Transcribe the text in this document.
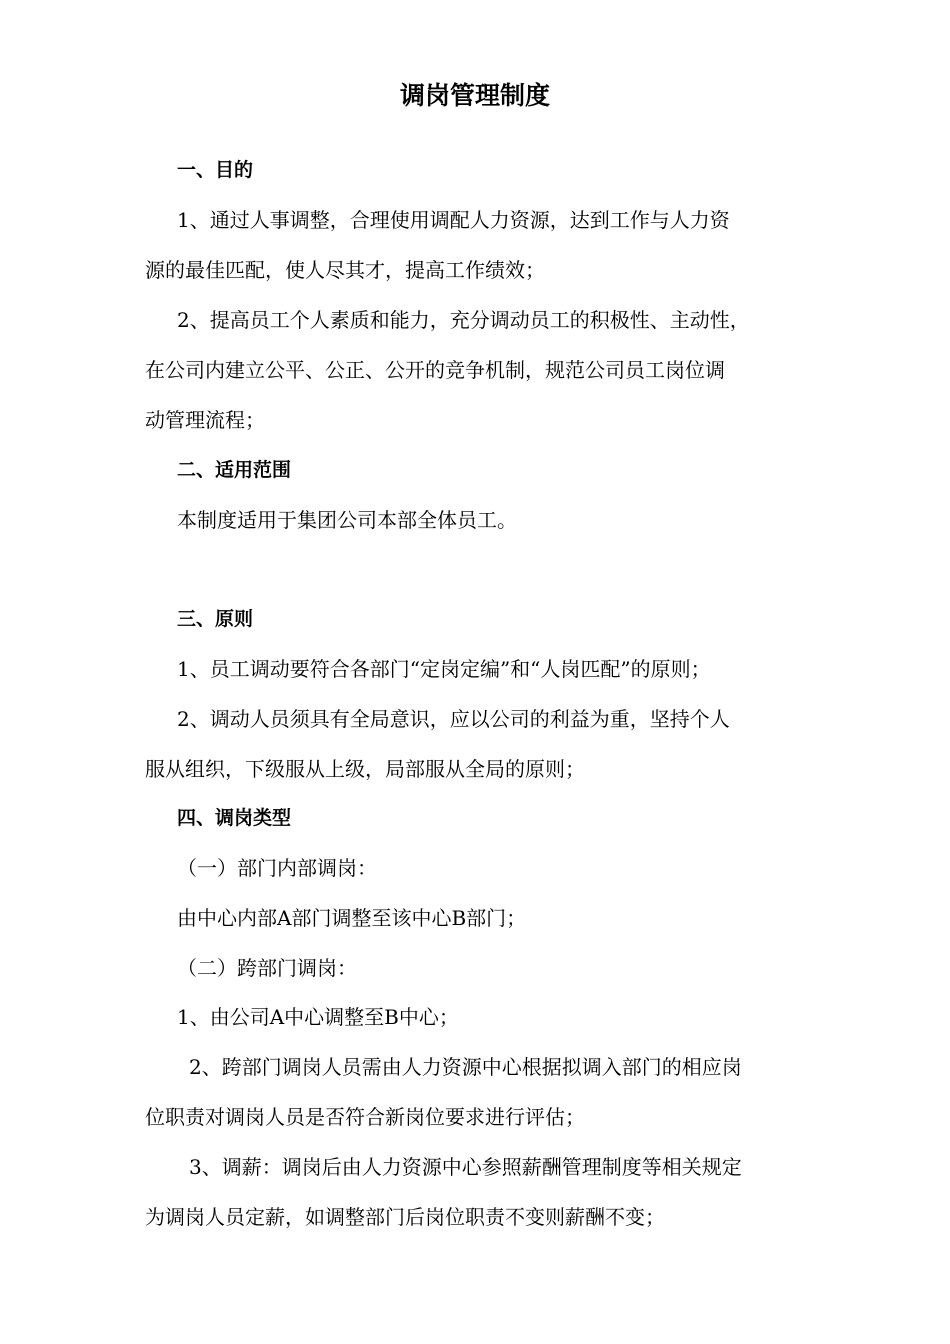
调岗管理制度
一、目的
1、通过人事调整，合理使用调配人力资源，达到工作与人力资
源的最佳匹配，使人尽其才，提高工作绩效；
2、提高员工个人素质和能力，充分调动员工的积极性、主动性，
在公司内建立公平、公正、公开的竞争机制，规范公司员工岗位调
动管理流程；
二、适用范围
本制度适用于集团公司本部全体员工。
三、原则
1、员工调动要符合各部门“定岗定编”和“人岗匹配”的原则；
2、调动人员须具有全局意识，应以公司的利益为重，坚持个人
服从组织，下级服从上级，局部服从全局的原则；
四、调岗类型
（一）部门内部调岗：
由中心内部A部门调整至该中心B部门；
（二）跨部门调岗：
1、由公司A中心调整至B中心；
2、跨部门调岗人员需由人力资源中心根据拟调入部门的相应岗
位职责对调岗人员是否符合新岗位要求进行评估；
3、调薪：调岗后由人力资源中心参照薪酬管理制度等相关规定
为调岗人员定薪，如调整部门后岗位职责不变则薪酬不变；
